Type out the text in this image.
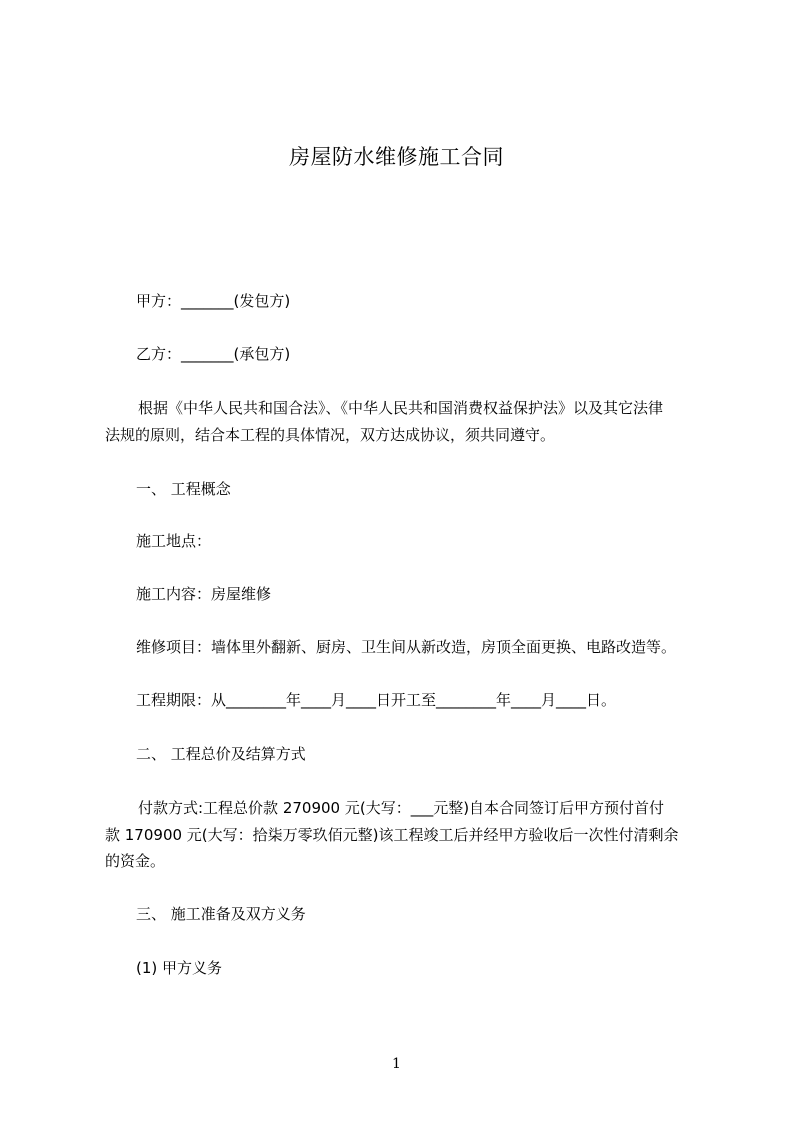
房屋防水维修施工合同
甲方：_______(发包方)
乙方：_______(承包方)
根据《中华人民共和国合法》、《中华人民共和国消费权益保护法》以及其它法律
法规的原则，结合本工程的具体情况，双方达成协议，须共同遵守。
一、 工程概念
施工地点：
施工内容：房屋维修
维修项目：墙体里外翻新、厨房、卫生间从新改造，房顶全面更换、电路改造等。
工程期限：从________年____月____日开工至________年____月____日。
二、 工程总价及结算方式
付款方式:工程总价款 270900 元(大写：___元整)自本合同签订后甲方预付首付
款 170900 元(大写：拾柒万零玖佰元整)该工程竣工后并经甲方验收后一次性付清剩余
的资金。
三、 施工准备及双方义务
(1) 甲方义务
1
